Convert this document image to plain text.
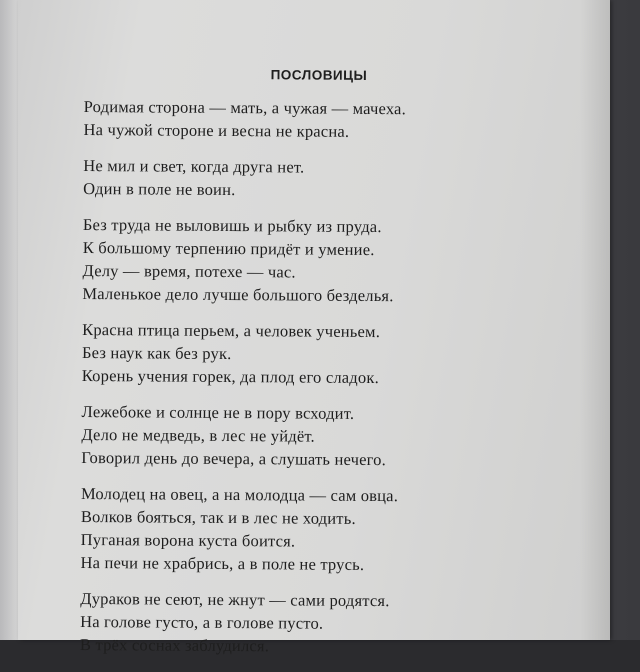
ПОСЛОВИЦЫ
Родимая сторона — мать, а чужая — мачеха.
На чужой стороне и весна не красна.
Не мил и свет, когда друга нет.
Один в поле не воин.
Без труда не выловишь и рыбку из пруда.
К большому терпению придёт и умение.
Делу — время, потехе — час.
Маленькое дело лучше большого безделья.
Красна птица перьем, а человек ученьем.
Без наук как без рук.
Корень учения горек, да плод его сладок.
Лежебоке и солнце не в пору всходит.
Дело не медведь, в лес не уйдёт.
Говорил день до вечера, а слушать нечего.
Молодец на овец, а на молодца — сам овца.
Волков бояться, так и в лес не ходить.
Пуганая ворона куста боится.
На печи не храбрись, а в поле не трусь.
Дураков не сеют, не жнут — сами родятся.
На голове густо, а в голове пусто.
В трёх соснах заблудился.
